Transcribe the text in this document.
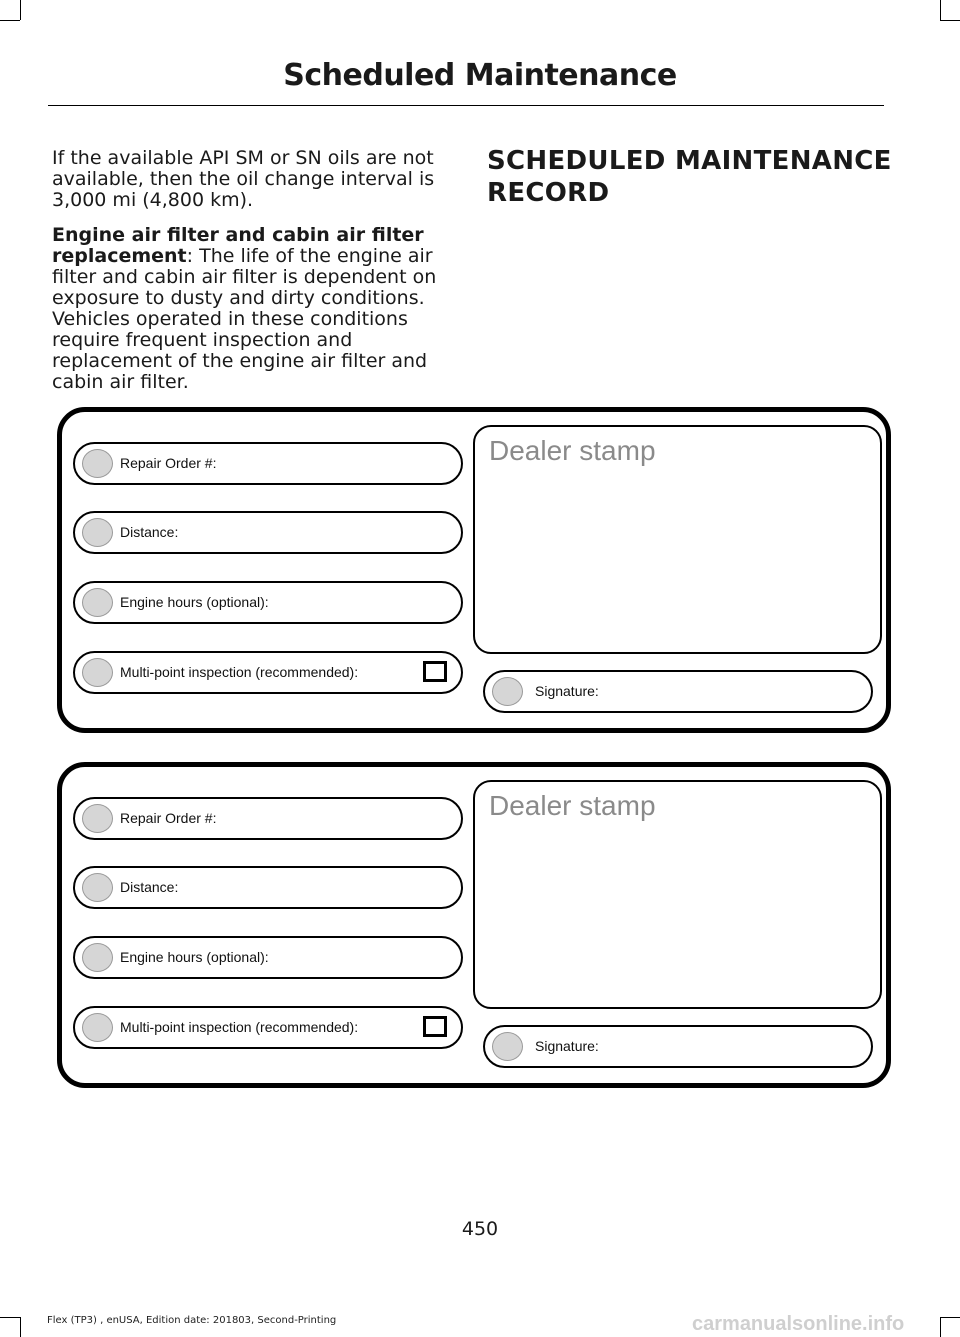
Scheduled Maintenance

If the available API SM or SN oils are not available, then the oil change interval is 3,000 mi (4,800 km).

Engine air filter and cabin air filter replacement: The life of the engine air filter and cabin air filter is dependent on exposure to dusty and dirty conditions. Vehicles operated in these conditions require frequent inspection and replacement of the engine air filter and cabin air filter.

SCHEDULED MAINTENANCE
RECORD
Repair Order #:
Distance:
Engine hours (optional):
Multi-point inspection (recommended):
Dealer stamp
Signature:
Repair Order #:
Distance:
Engine hours (optional):
Multi-point inspection (recommended):
Dealer stamp
Signature:
450
Flex (TP3) , enUSA, Edition date: 201803, Second-Printing	carmanualsonline.info
